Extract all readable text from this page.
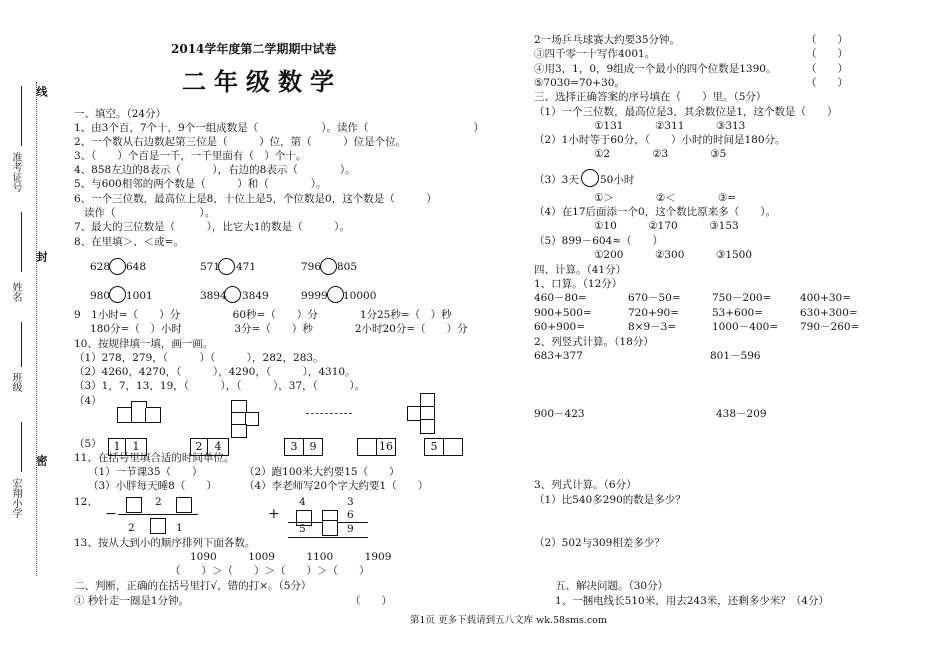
线
准考证号
封
姓名
班级
密
宏翔小学
2014学年度第二学期期中试卷
二年级数学
一、填空。（24分）
1、由3个百，7个十，9个一组成数是（　　　　　　）。读作（　　　　　　　　　　）
2、一个数从右边数起第三位是（　　　）位，第（　　　）位是个位。
3、（　　）个百是一千，一千里面有（　）个十。
4、858左边的8表示（　　　），右边的8表示（　　　　）。
5、与600相邻的两个数是（　　　）和（　　　　）。
6、一个三位数，最高位上是8，十位上是5，个位数是0，这个数是（　　　）
读作（　　　　　　　　）。
7、最大的三位数是（　　　），比它大1的数是（　　　）。
8、在里填＞、＜或=。
628 648	571 471	796 805
980 1001	3894 3849	9999 10000
9　1小时=（　　）分　　　　　60秒=（　　）分　　　　1分25秒=（　）秒
180分=（　）小时　　　　　3分=（　　）秒　　　　2小时20分=（　　）分
10、按规律填一填，画一画。
（1）278，279，（　　　）（　　　），282，283。
（2）4260，4270，（　　　），4290，（　　　），4310。
（3）1，7，13，19，（　　　），（　　　），37，（　　　）。
（4）
（5）	1	1	2	4	3	9	16	5
11、在括号里填合适的时间单位。
（1）一节课35（　　）	（2）跑100米大约要15（　　）
（3）小胖每天睡8（　　）	（4）李老师写20个字大约要1（　　）
12、
−
2
2	1
+
4	3
6
5	9
13、按从大到小的顺序排列下面各数。
1090　　　1009　　　1100　　　1909
（　　）＞（　　）＞（　　）＞（　　）
二、判断，正确的在括号里打√，错的打×。（5分）
① 秒针走一圈是1分钟。	（　　）
2一场乒乓球赛大约要35分钟。	（　　）
③四千零一十写作4001。	（　　）
④用3，1，0，9组成一个最小的四个位数是1390。	（　　）
⑤7030=70+30。	（　　）
三、选择正确答案的序号填在（　　）里。（5分）
（1）一个三位数，最高位是3，其余数位是1，这个数是（　　）
①131　　　②311　　　③313
（2）1小时等于60分，（　　）小时的时间是180分。
①2　　　　②3　　　　③5
（3）3天 50小时
①＞　　　　②＜　　　　③=
（4）在17后面添一个0，这个数比原来多（　　）。
①10　　　②170　　　③153
（5）899－604≈（　　）
①200　　　②300　　　③1500
四、计算。（41分）
1、口算。（12分）
460－80=	670－50=	750－200=	400+30=
900+500=	720+90=	53+600=	630+300=
60+900=	8×9－3=	1000－400= 790－260=
2、列竖式计算。（18分）
683+377	801－596
900－423	438－209
3、列式计算。（6分）
（1）比540多290的数是多少？
（2）502与309相差多少？
五、解决问题。（30分）
1、一捆电线长510米，用去243米，还剩多少米？（4分）
第1页 更多下载请到五八文库 wk.58sms.com
